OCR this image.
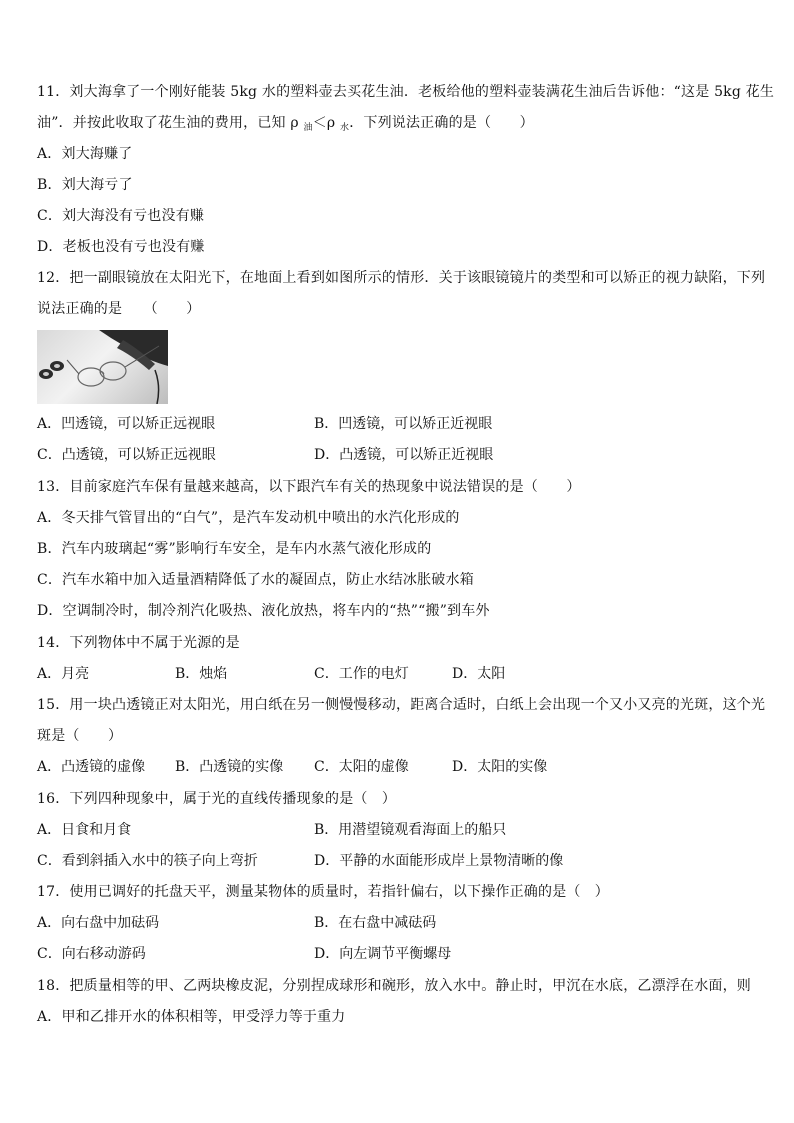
11．刘大海拿了一个刚好能装 5kg 水的塑料壶去买花生油．老板给他的塑料壶装满花生油后告诉他：“这是 5kg 花生
油”．并按此收取了花生油的费用，已知 ρ $_油$＜ρ $_水$．下列说法正确的是（　　）
A．刘大海赚了
B．刘大海亏了
C．刘大海没有亏也没有赚
D．老板也没有亏也没有赚
12．把一副眼镜放在太阳光下，在地面上看到如图所示的情形．关于该眼镜镜片的类型和可以矫正的视力缺陷，下列
说法正确的是　　（　　）
A．凹透镜，可以矫正远视眼	B．凹透镜，可以矫正近视眼
C．凸透镜，可以矫正远视眼	D．凸透镜，可以矫正近视眼
13．目前家庭汽车保有量越来越高，以下跟汽车有关的热现象中说法错误的是（　　）
A．冬天排气管冒出的“白气”，是汽车发动机中喷出的水汽化形成的
B．汽车内玻璃起“雾”影响行车安全，是车内水蒸气液化形成的
C．汽车水箱中加入适量酒精降低了水的凝固点，防止水结冰胀破水箱
D．空调制冷时，制冷剂汽化吸热、液化放热，将车内的“热”“搬”到车外
14．下列物体中不属于光源的是
A．月亮	B．烛焰	C．工作的电灯	D．太阳
15．用一块凸透镜正对太阳光，用白纸在另一侧慢慢移动，距离合适时，白纸上会出现一个又小又亮的光斑，这个光
斑是（　　）
A．凸透镜的虚像 B．凸透镜的实像 C．太阳的虚像	D．太阳的实像
16．下列四种现象中，属于光的直线传播现象的是（　）
A．日食和月食	B．用潜望镜观看海面上的船只
C．看到斜插入水中的筷子向上弯折	D．平静的水面能形成岸上景物清晰的像
17．使用已调好的托盘天平，测量某物体的质量时，若指针偏右，以下操作正确的是（　）
A．向右盘中加砝码	B．在右盘中减砝码
C．向右移动游码	D．向左调节平衡螺母
18．把质量相等的甲、乙两块橡皮泥，分别捏成球形和碗形，放入水中。静止时，甲沉在水底，乙漂浮在水面，则
A．甲和乙排开水的体积相等，甲受浮力等于重力
